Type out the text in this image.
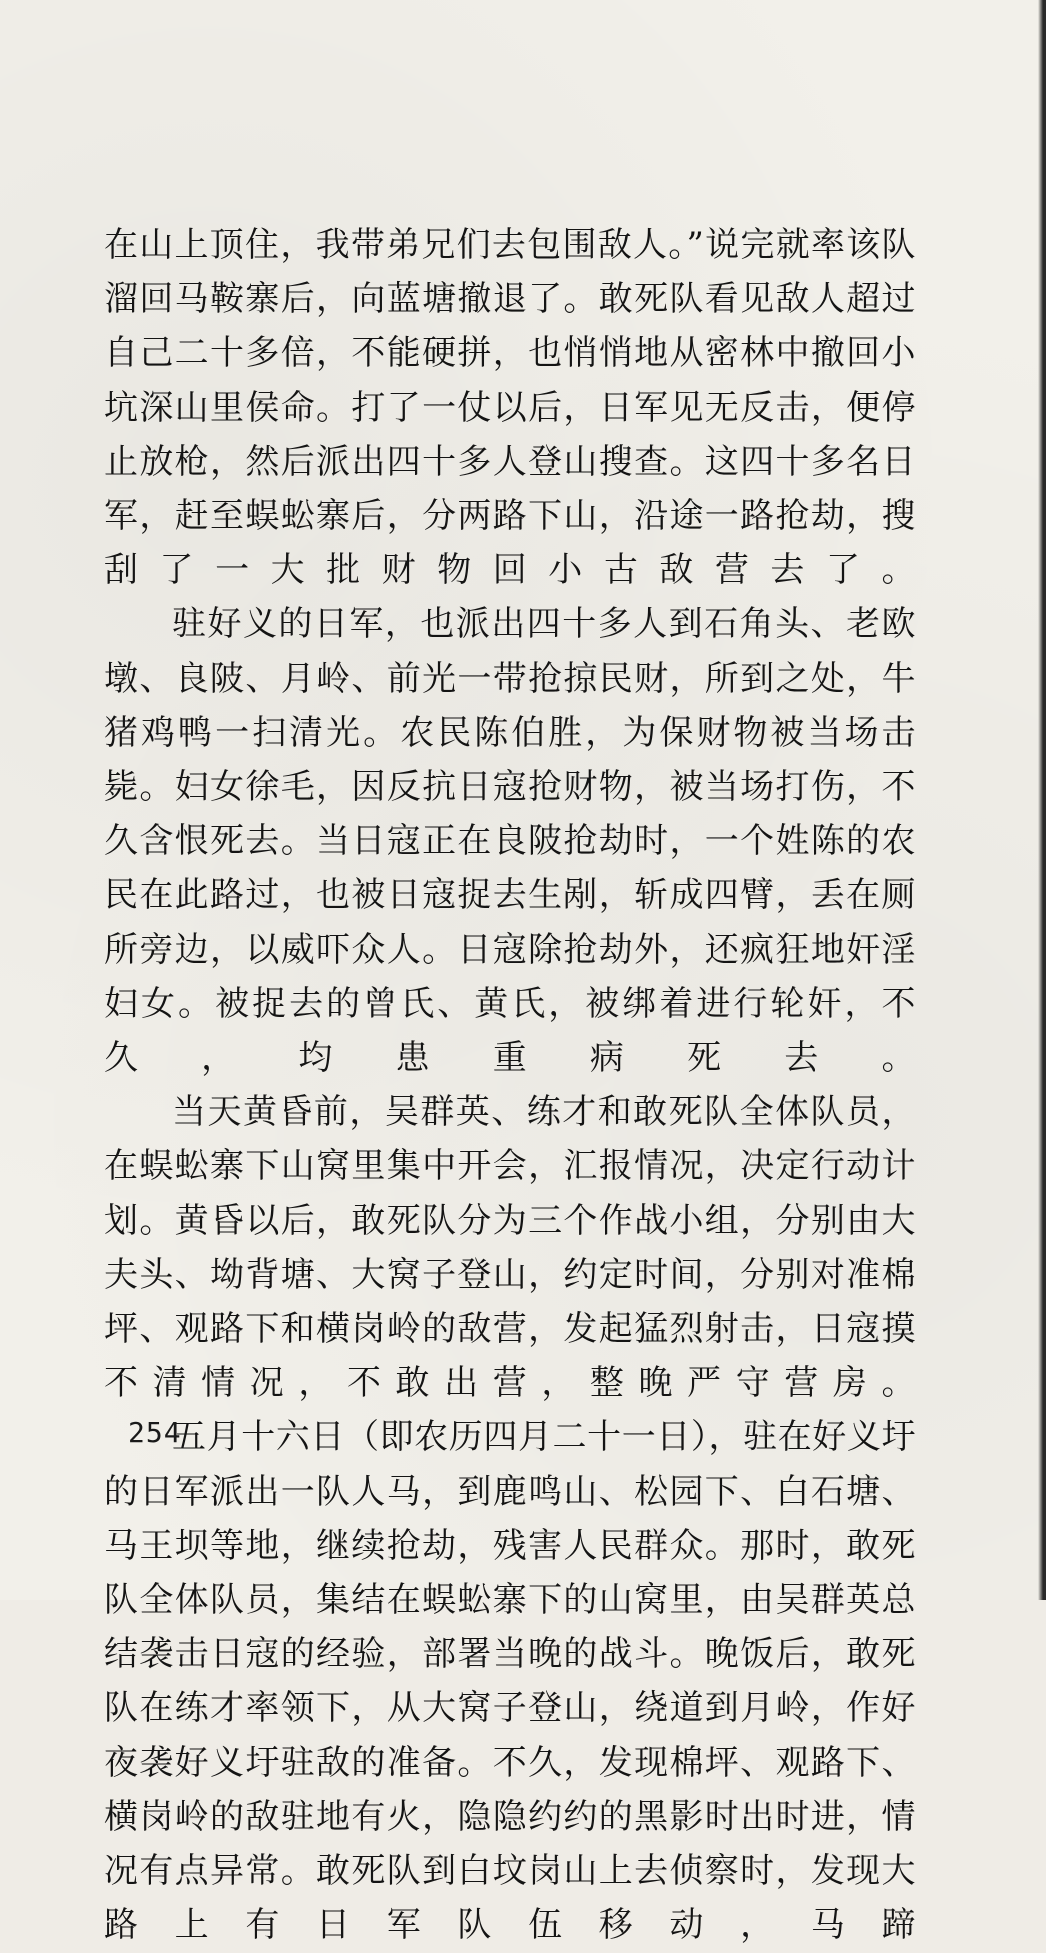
在山上顶住，我带弟兄们去包围敌人。”说完就率该队溜回马鞍寨后，向蓝塘撤退了。敢死队看见敌人超过自己二十多倍，不能硬拼，也悄悄地从密林中撤回小坑深山里侯命。打了一仗以后，日军见无反击，便停止放枪，然后派出四十多人登山搜查。这四十多名日军，赶至蜈蚣寨后，分两路下山，沿途一路抢劫，搜刮了一大批财物回小古敌营去了。

驻好义的日军，也派出四十多人到石角头、老欧墩、良陂、月岭、前光一带抢掠民财，所到之处，牛猪鸡鸭一扫清光。农民陈伯胜，为保财物被当场击毙。妇女徐毛，因反抗日寇抢财物，被当场打伤，不久含恨死去。当日寇正在良陂抢劫时，一个姓陈的农民在此路过，也被日寇捉去生剐，斩成四臂，丢在厕所旁边，以威吓众人。日寇除抢劫外，还疯狂地奸淫妇女。被捉去的曾氏、黄氏，被绑着进行轮奸，不久，均患重病死去。

当天黄昏前，吴群英、练才和敢死队全体队员，在蜈蚣寨下山窝里集中开会，汇报情况，决定行动计划。黄昏以后，敢死队分为三个作战小组，分别由大夫头、坳背塘、大窝子登山，约定时间，分别对准棉坪、观路下和横岗岭的敌营，发起猛烈射击，日寇摸不清情况，不敢出营，整晚严守营房。

五月十六日（即农历四月二十一日），驻在好义圩的日军派出一队人马，到鹿鸣山、松园下、白石塘、马王坝等地，继续抢劫，残害人民群众。那时，敢死队全体队员，集结在蜈蚣寨下的山窝里，由吴群英总结袭击日寇的经验，部署当晚的战斗。晚饭后，敢死队在练才率领下，从大窝子登山，绕道到月岭，作好夜袭好义圩驻敌的准备。不久，发现棉坪、观路下、横岗岭的敌驻地有火，隐隐约约的黑影时出时进，情况有点异常。敢死队到白坟岗山上去侦察时，发现大路上有日军队伍移动，马蹄

254
